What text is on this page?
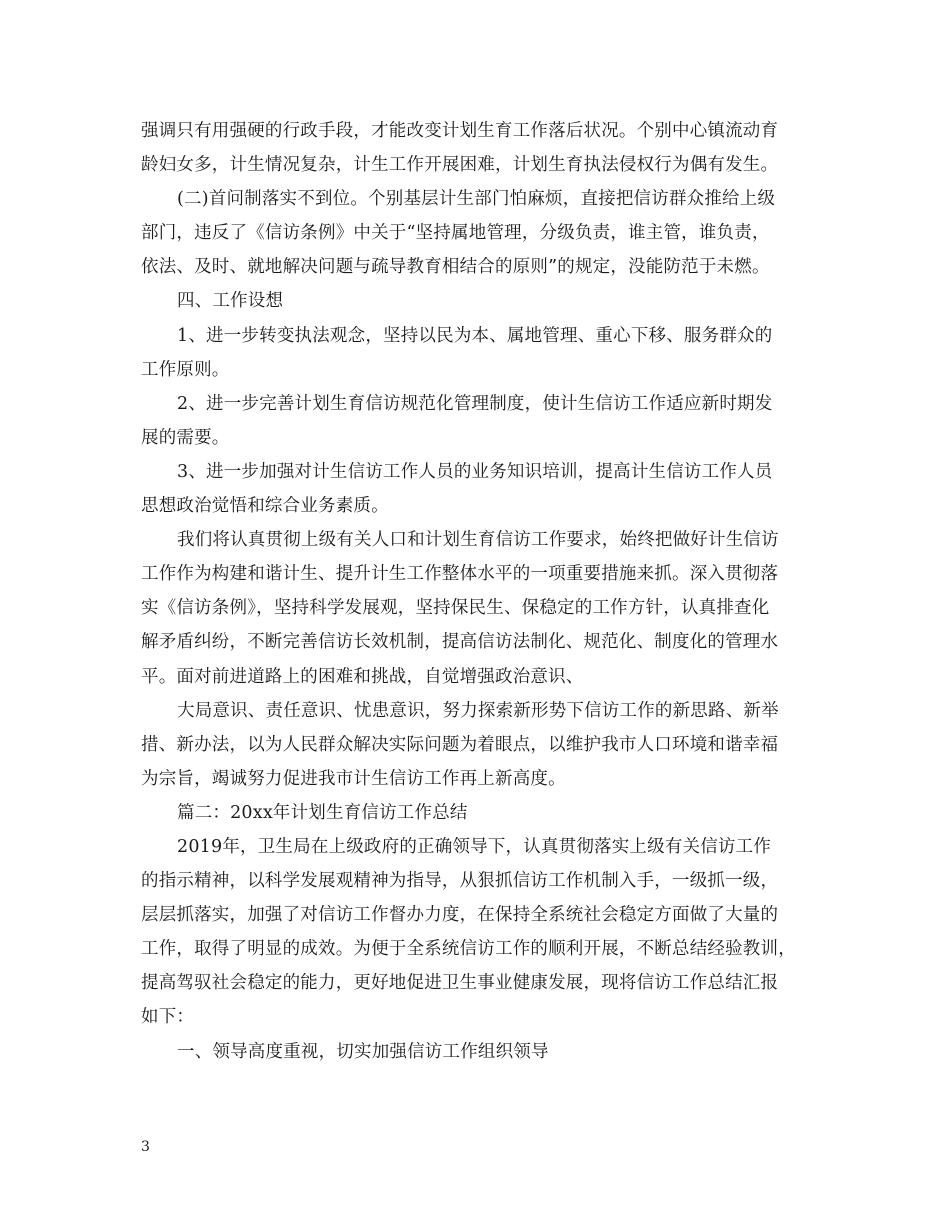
强调只有用强硬的行政手段，才能改变计划生育工作落后状况。个别中心镇流动育
龄妇女多，计生情况复杂，计生工作开展困难，计划生育执法侵权行为偶有发生。
(二)首问制落实不到位。个别基层计生部门怕麻烦，直接把信访群众推给上级
部门，违反了《信访条例》中关于“坚持属地管理，分级负责，谁主管，谁负责，
依法、及时、就地解决问题与疏导教育相结合的原则”的规定，没能防范于未燃。
四、工作设想
1、进一步转变执法观念，坚持以民为本、属地管理、重心下移、服务群众的
工作原则。
2、进一步完善计划生育信访规范化管理制度，使计生信访工作适应新时期发
展的需要。
3、进一步加强对计生信访工作人员的业务知识培训，提高计生信访工作人员
思想政治觉悟和综合业务素质。
我们将认真贯彻上级有关人口和计划生育信访工作要求，始终把做好计生信访
工作作为构建和谐计生、提升计生工作整体水平的一项重要措施来抓。深入贯彻落
实《信访条例》，坚持科学发展观，坚持保民生、保稳定的工作方针，认真排查化
解矛盾纠纷，不断完善信访长效机制，提高信访法制化、规范化、制度化的管理水
平。面对前进道路上的困难和挑战，自觉增强政治意识、
大局意识、责任意识、忧患意识，努力探索新形势下信访工作的新思路、新举
措、新办法，以为人民群众解决实际问题为着眼点，以维护我市人口环境和谐幸福
为宗旨，竭诚努力促进我市计生信访工作再上新高度。
篇二：20xx年计划生育信访工作总结
2019年，卫生局在上级政府的正确领导下，认真贯彻落实上级有关信访工作
的指示精神，以科学发展观精神为指导，从狠抓信访工作机制入手，一级抓一级，
层层抓落实，加强了对信访工作督办力度，在保持全系统社会稳定方面做了大量的
工作，取得了明显的成效。为便于全系统信访工作的顺利开展，不断总结经验教训，
提高驾驭社会稳定的能力，更好地促进卫生事业健康发展，现将信访工作总结汇报
如下：
一、领导高度重视，切实加强信访工作组织领导
3
